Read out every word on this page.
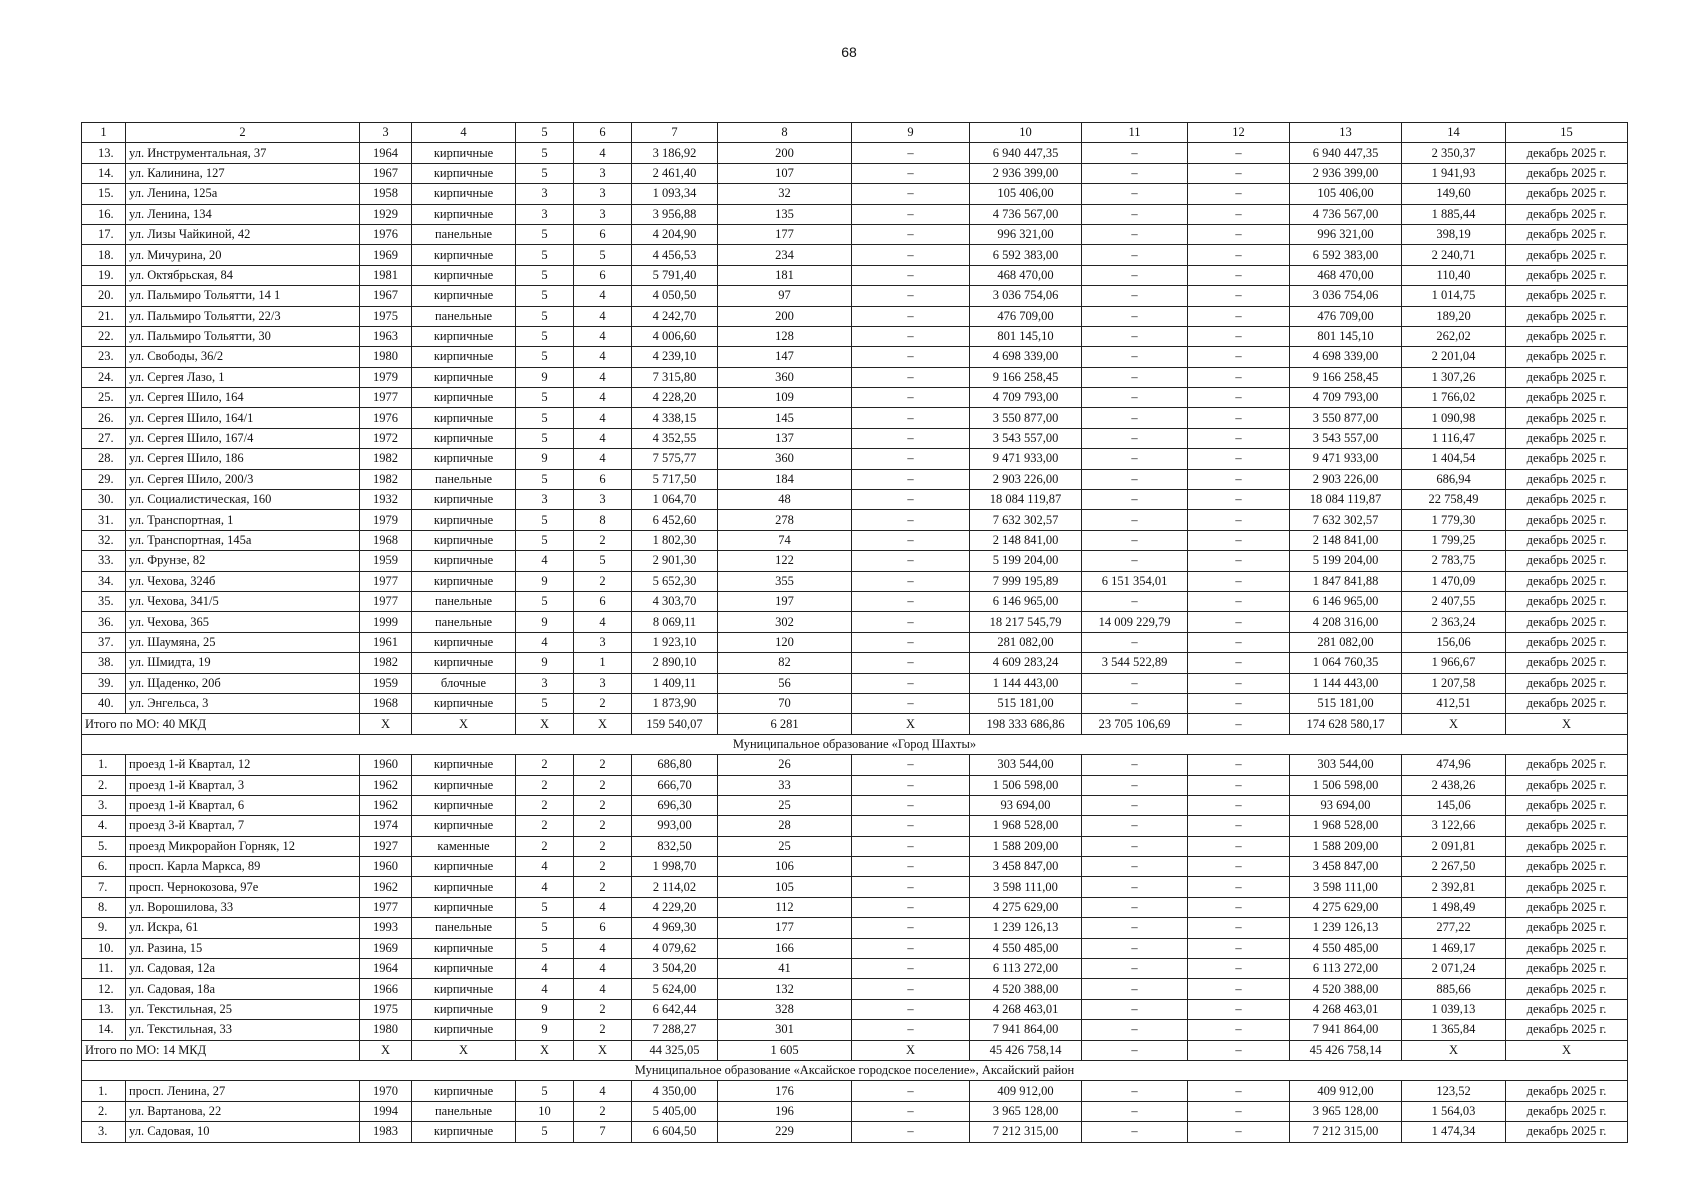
68
1	2	3	4	5	6	7	8	9	10	11	12	13	14	15
13.	ул. Инструментальная, 37	1964	кирпичные	5	4	3 186,92	200	–	6 940 447,35	–	–	6 940 447,35	2 350,37	декабрь 2025 г.
14.	ул. Калинина, 127	1967	кирпичные	5	3	2 461,40	107	–	2 936 399,00	–	–	2 936 399,00	1 941,93	декабрь 2025 г.
15.	ул. Ленина, 125а	1958	кирпичные	3	3	1 093,34	32	–	105 406,00	–	–	105 406,00	149,60	декабрь 2025 г.
16.	ул. Ленина, 134	1929	кирпичные	3	3	3 956,88	135	–	4 736 567,00	–	–	4 736 567,00	1 885,44	декабрь 2025 г.
17.	ул. Лизы Чайкиной, 42	1976	панельные	5	6	4 204,90	177	–	996 321,00	–	–	996 321,00	398,19	декабрь 2025 г.
18.	ул. Мичурина, 20	1969	кирпичные	5	5	4 456,53	234	–	6 592 383,00	–	–	6 592 383,00	2 240,71	декабрь 2025 г.
19.	ул. Октябрьская, 84	1981	кирпичные	5	6	5 791,40	181	–	468 470,00	–	–	468 470,00	110,40	декабрь 2025 г.
20.	ул. Пальмиро Тольятти, 14 1	1967	кирпичные	5	4	4 050,50	97	–	3 036 754,06	–	–	3 036 754,06	1 014,75	декабрь 2025 г.
21.	ул. Пальмиро Тольятти, 22/3	1975	панельные	5	4	4 242,70	200	–	476 709,00	–	–	476 709,00	189,20	декабрь 2025 г.
22.	ул. Пальмиро Тольятти, 30	1963	кирпичные	5	4	4 006,60	128	–	801 145,10	–	–	801 145,10	262,02	декабрь 2025 г.
23.	ул. Свободы, 36/2	1980	кирпичные	5	4	4 239,10	147	–	4 698 339,00	–	–	4 698 339,00	2 201,04	декабрь 2025 г.
24.	ул. Сергея Лазо, 1	1979	кирпичные	9	4	7 315,80	360	–	9 166 258,45	–	–	9 166 258,45	1 307,26	декабрь 2025 г.
25.	ул. Сергея Шило, 164	1977	кирпичные	5	4	4 228,20	109	–	4 709 793,00	–	–	4 709 793,00	1 766,02	декабрь 2025 г.
26.	ул. Сергея Шило, 164/1	1976	кирпичные	5	4	4 338,15	145	–	3 550 877,00	–	–	3 550 877,00	1 090,98	декабрь 2025 г.
27.	ул. Сергея Шило, 167/4	1972	кирпичные	5	4	4 352,55	137	–	3 543 557,00	–	–	3 543 557,00	1 116,47	декабрь 2025 г.
28.	ул. Сергея Шило, 186	1982	кирпичные	9	4	7 575,77	360	–	9 471 933,00	–	–	9 471 933,00	1 404,54	декабрь 2025 г.
29.	ул. Сергея Шило, 200/3	1982	панельные	5	6	5 717,50	184	–	2 903 226,00	–	–	2 903 226,00	686,94	декабрь 2025 г.
30.	ул. Социалистическая, 160	1932	кирпичные	3	3	1 064,70	48	–	18 084 119,87	–	–	18 084 119,87	22 758,49	декабрь 2025 г.
31.	ул. Транспортная, 1	1979	кирпичные	5	8	6 452,60	278	–	7 632 302,57	–	–	7 632 302,57	1 779,30	декабрь 2025 г.
32.	ул. Транспортная, 145а	1968	кирпичные	5	2	1 802,30	74	–	2 148 841,00	–	–	2 148 841,00	1 799,25	декабрь 2025 г.
33.	ул. Фрунзе, 82	1959	кирпичные	4	5	2 901,30	122	–	5 199 204,00	–	–	5 199 204,00	2 783,75	декабрь 2025 г.
34.	ул. Чехова, 324б	1977	кирпичные	9	2	5 652,30	355	–	7 999 195,89	6 151 354,01	–	1 847 841,88	1 470,09	декабрь 2025 г.
35.	ул. Чехова, 341/5	1977	панельные	5	6	4 303,70	197	–	6 146 965,00	–	–	6 146 965,00	2 407,55	декабрь 2025 г.
36.	ул. Чехова, 365	1999	панельные	9	4	8 069,11	302	–	18 217 545,79	14 009 229,79	–	4 208 316,00	2 363,24	декабрь 2025 г.
37.	ул. Шаумяна, 25	1961	кирпичные	4	3	1 923,10	120	–	281 082,00	–	–	281 082,00	156,06	декабрь 2025 г.
38.	ул. Шмидта, 19	1982	кирпичные	9	1	2 890,10	82	–	4 609 283,24	3 544 522,89	–	1 064 760,35	1 966,67	декабрь 2025 г.
39.	ул. Щаденко, 20б	1959	блочные	3	3	1 409,11	56	–	1 144 443,00	–	–	1 144 443,00	1 207,58	декабрь 2025 г.
40.	ул. Энгельса, 3	1968	кирпичные	5	2	1 873,90	70	–	515 181,00	–	–	515 181,00	412,51	декабрь 2025 г.
Итого по МО: 40 МКД		X	X	X	X	159 540,07	6 281	X	198 333 686,86	23 705 106,69	–	174 628 580,17	X	X
Муниципальное образование «Город Шахты»														
1.	проезд 1-й Квартал, 12	1960	кирпичные	2	2	686,80	26	–	303 544,00	–	–	303 544,00	474,96	декабрь 2025 г.
2.	проезд 1-й Квартал, 3	1962	кирпичные	2	2	666,70	33	–	1 506 598,00	–	–	1 506 598,00	2 438,26	декабрь 2025 г.
3.	проезд 1-й Квартал, 6	1962	кирпичные	2	2	696,30	25	–	93 694,00	–	–	93 694,00	145,06	декабрь 2025 г.
4.	проезд 3-й Квартал, 7	1974	кирпичные	2	2	993,00	28	–	1 968 528,00	–	–	1 968 528,00	3 122,66	декабрь 2025 г.
5.	проезд Микрорайон Горняк, 12	1927	каменные	2	2	832,50	25	–	1 588 209,00	–	–	1 588 209,00	2 091,81	декабрь 2025 г.
6.	просп. Карла Маркса, 89	1960	кирпичные	4	2	1 998,70	106	–	3 458 847,00	–	–	3 458 847,00	2 267,50	декабрь 2025 г.
7.	просп. Чернокозова, 97е	1962	кирпичные	4	2	2 114,02	105	–	3 598 111,00	–	–	3 598 111,00	2 392,81	декабрь 2025 г.
8.	ул. Ворошилова, 33	1977	кирпичные	5	4	4 229,20	112	–	4 275 629,00	–	–	4 275 629,00	1 498,49	декабрь 2025 г.
9.	ул. Искра, 61	1993	панельные	5	6	4 969,30	177	–	1 239 126,13	–	–	1 239 126,13	277,22	декабрь 2025 г.
10.	ул. Разина, 15	1969	кирпичные	5	4	4 079,62	166	–	4 550 485,00	–	–	4 550 485,00	1 469,17	декабрь 2025 г.
11.	ул. Садовая, 12а	1964	кирпичные	4	4	3 504,20	41	–	6 113 272,00	–	–	6 113 272,00	2 071,24	декабрь 2025 г.
12.	ул. Садовая, 18а	1966	кирпичные	4	4	5 624,00	132	–	4 520 388,00	–	–	4 520 388,00	885,66	декабрь 2025 г.
13.	ул. Текстильная, 25	1975	кирпичные	9	2	6 642,44	328	–	4 268 463,01	–	–	4 268 463,01	1 039,13	декабрь 2025 г.
14.	ул. Текстильная, 33	1980	кирпичные	9	2	7 288,27	301	–	7 941 864,00	–	–	7 941 864,00	1 365,84	декабрь 2025 г.
Итого по МО: 14 МКД		X	X	X	X	44 325,05	1 605	X	45 426 758,14	–	–	45 426 758,14	X	X
Муниципальное образование «Аксайское городское поселение», Аксайский район														
1.	просп. Ленина, 27	1970	кирпичные	5	4	4 350,00	176	–	409 912,00	–	–	409 912,00	123,52	декабрь 2025 г.
2.	ул. Вартанова, 22	1994	панельные	10	2	5 405,00	196	–	3 965 128,00	–	–	3 965 128,00	1 564,03	декабрь 2025 г.
3.	ул. Садовая, 10	1983	кирпичные	5	7	6 604,50	229	–	7 212 315,00	–	–	7 212 315,00	1 474,34	декабрь 2025 г.
